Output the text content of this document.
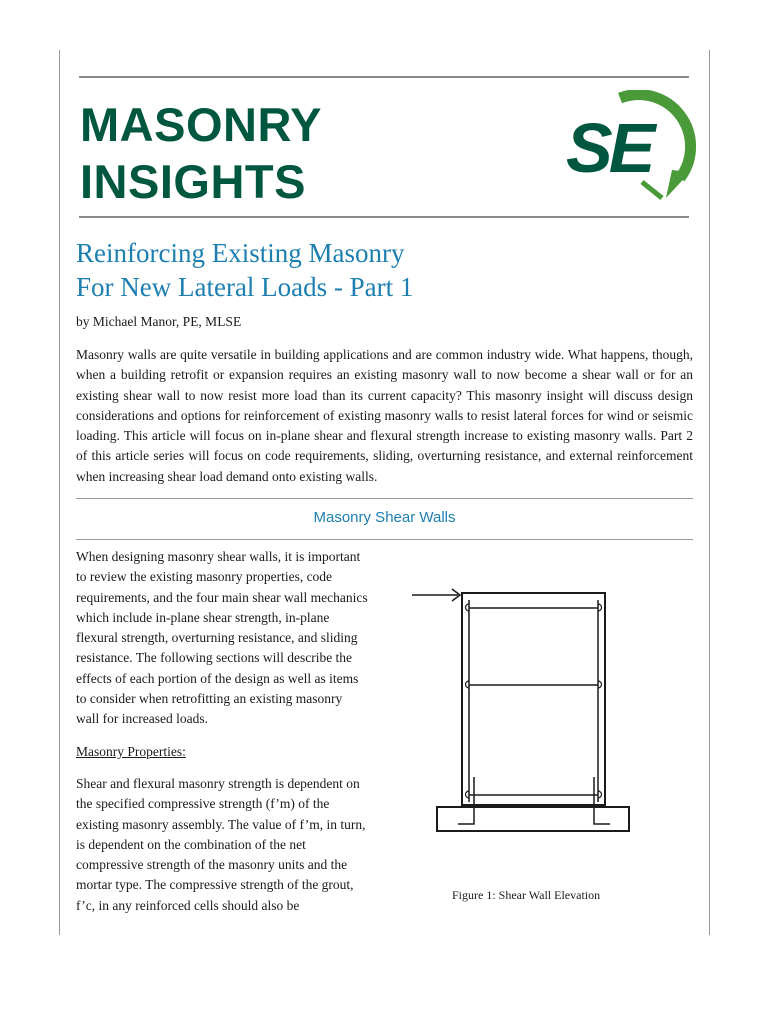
MASONRY
INSIGHTS	SE
Reinforcing Existing Masonry
For New Lateral Loads - Part 1
by Michael Manor, PE, MLSE
Masonry walls are quite versatile in building applications and are common industry wide. What happens, though, when a building retrofit or expansion requires an existing masonry wall to now become a shear wall or for an existing shear wall to now resist more load than its current capacity? This masonry insight will discuss design considerations and options for reinforcement of existing masonry walls to resist lateral forces for wind or seismic loading. This article will focus on in-plane shear and flexural strength increase to existing masonry walls. Part 2 of this article series will focus on code requirements, sliding, overturning resistance, and external reinforcement when increasing shear load demand onto existing walls.
Masonry Shear Walls

When designing masonry shear walls, it is important to review the existing masonry properties, code requirements, and the four main shear wall mechanics which include in-plane shear strength, in-plane flexural strength, overturning resistance, and sliding resistance. The following sections will describe the effects of each portion of the design as well as items to consider when retrofitting an existing masonry wall for increased loads.

Masonry Properties:

Shear and flexural masonry strength is dependent on the specified compressive strength (f’m) of the existing masonry assembly. The value of f’m, in turn, is dependent on the combination of the net compressive strength of the masonry units and the mortar type. The compressive strength of the grout, f’c, in any reinforced cells should also be

Figure 1: Shear Wall Elevation
